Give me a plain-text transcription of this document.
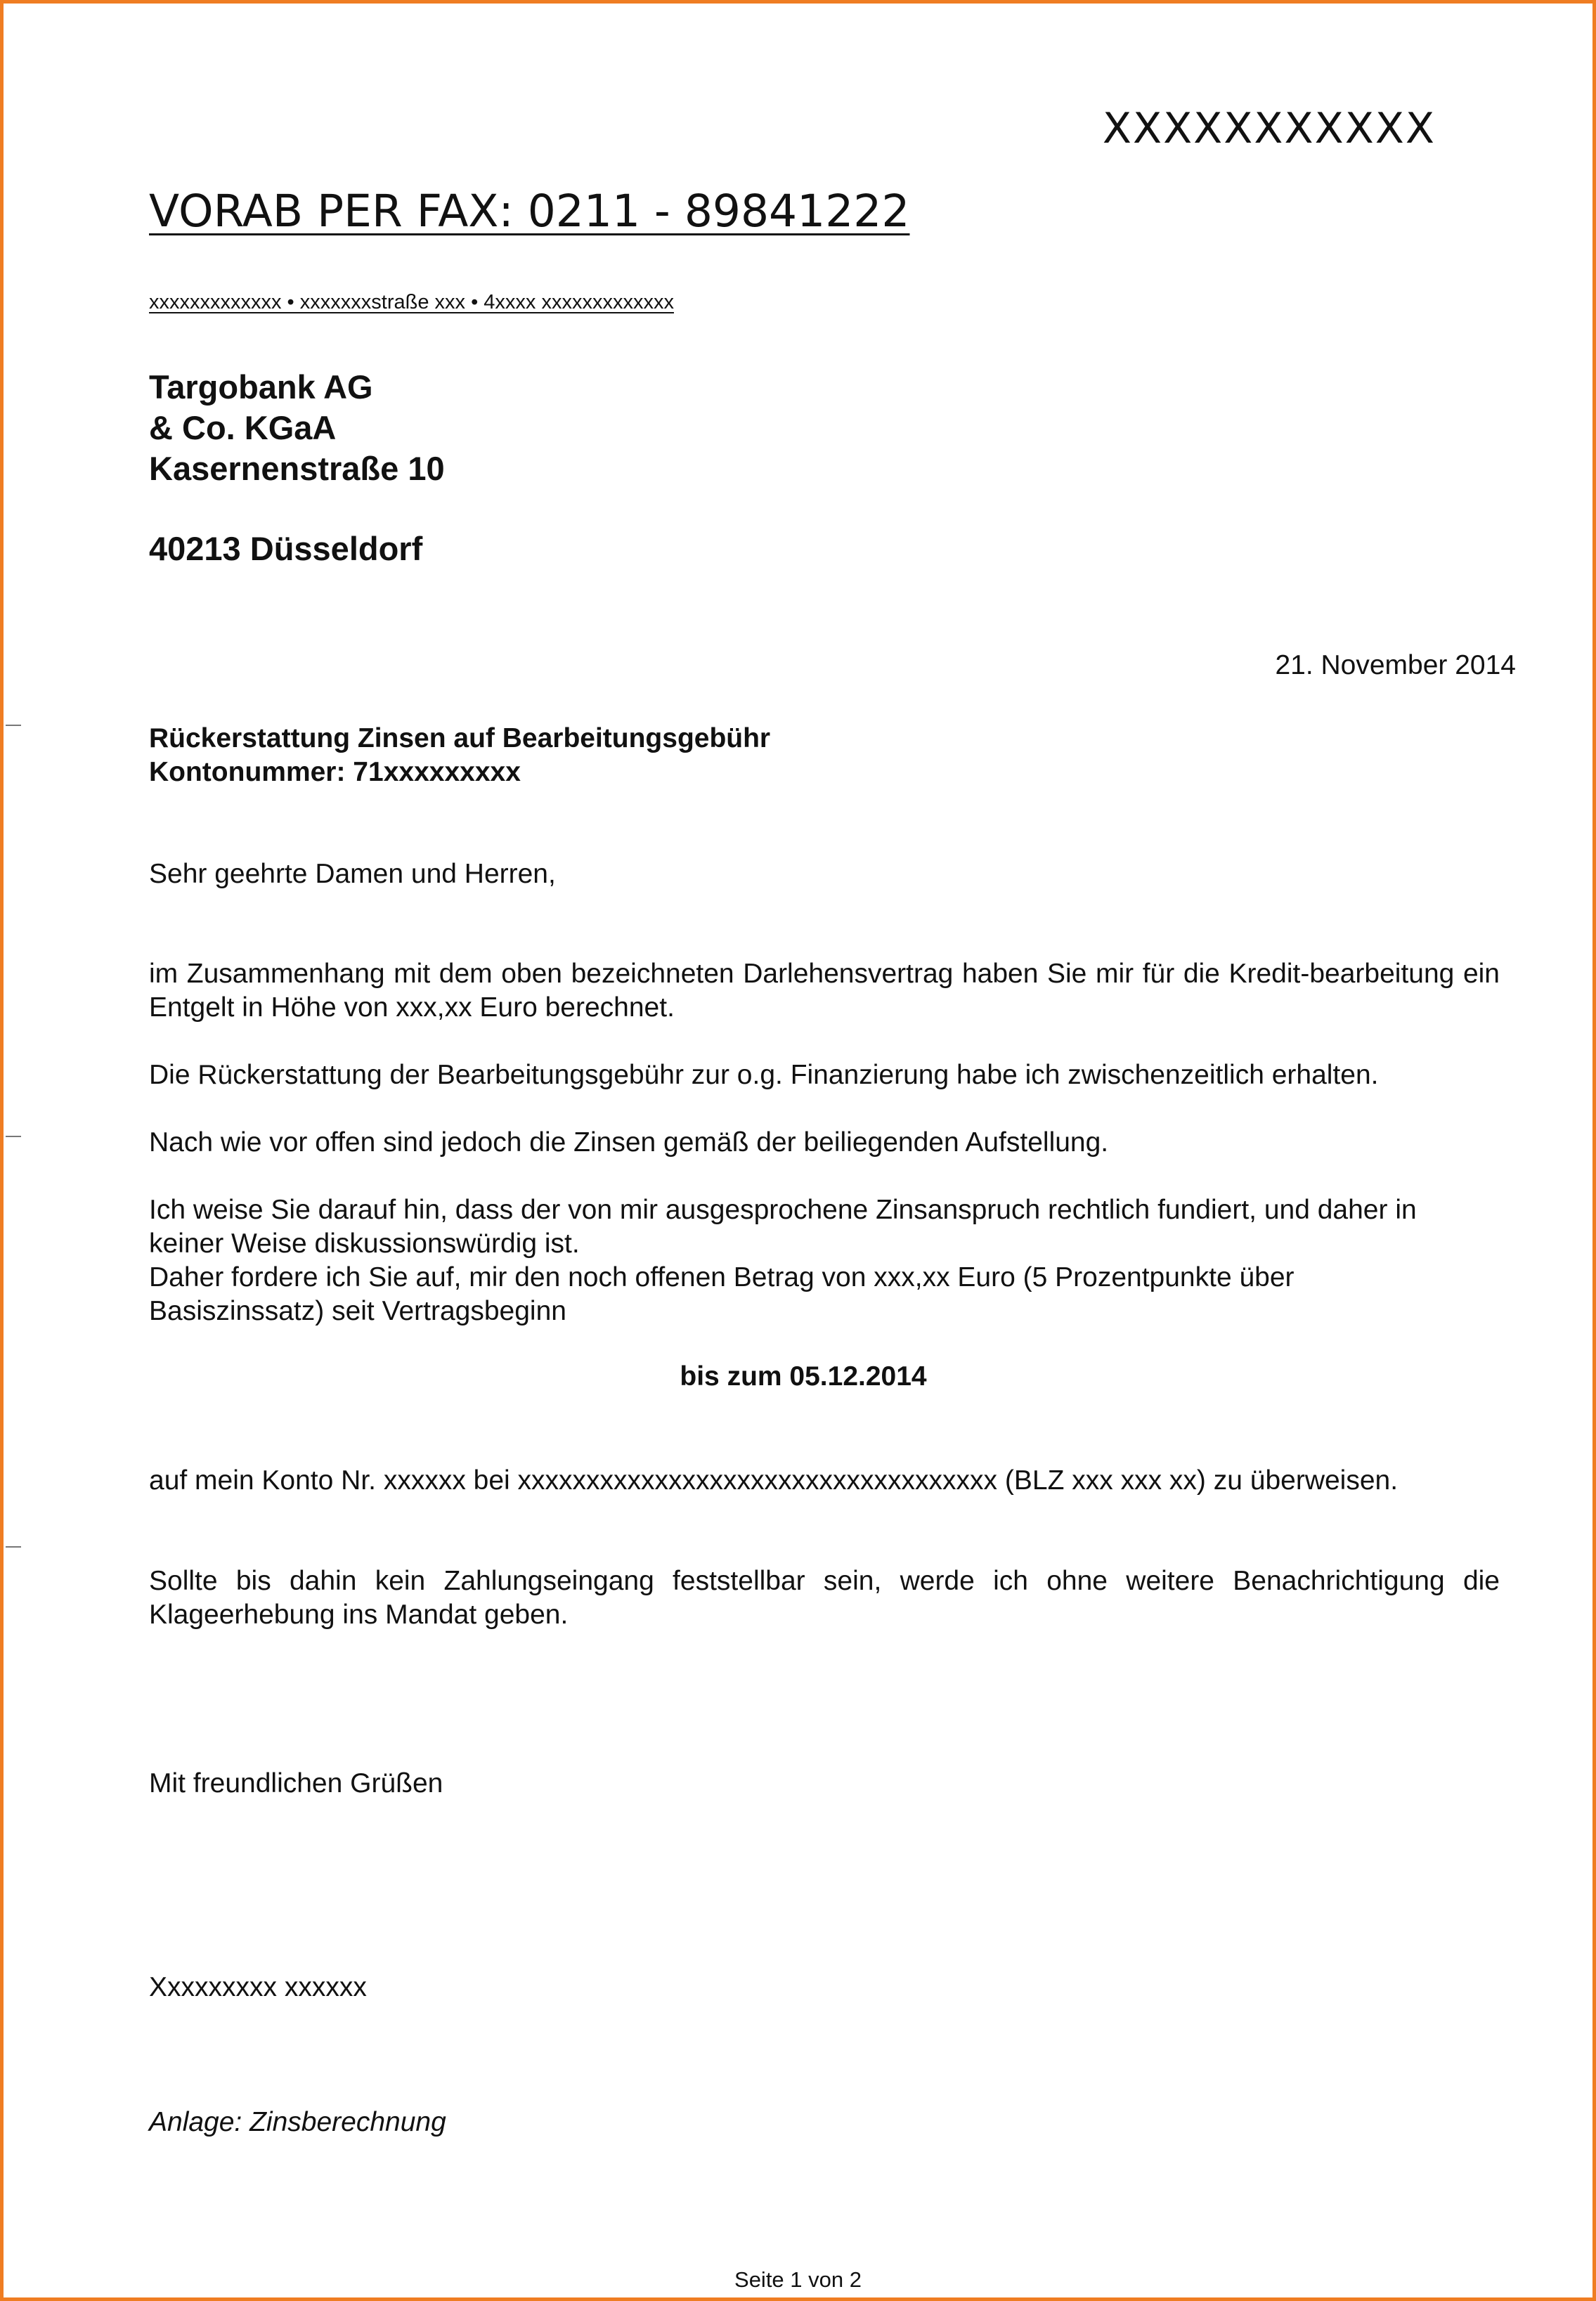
XXXXXXXXXXX
VORAB PER FAX: 0211 - 89841222
xxxxxxxxxxxxx • xxxxxxxstraße xxx • 4xxxx xxxxxxxxxxxxx
Targobank AG
& Co. KGaA
Kasernenstraße 10
40213 Düsseldorf
21. November 2014
Rückerstattung Zinsen auf Bearbeitungsgebühr
Kontonummer: 71xxxxxxxxx

Sehr geehrte Damen und Herren,

im Zusammenhang mit dem oben bezeichneten Darlehensvertrag haben Sie mir für die Kredit-bearbeitung ein Entgelt in Höhe von xxx,xx Euro berechnet.

Die Rückerstattung der Bearbeitungsgebühr zur o.g. Finanzierung habe ich zwischenzeitlich erhalten.

Nach wie vor offen sind jedoch die Zinsen gemäß der beiliegenden Aufstellung.

Ich weise Sie darauf hin, dass der von mir ausgesprochene Zinsanspruch rechtlich fundiert, und daher in keiner Weise diskussionswürdig ist.

Daher fordere ich Sie auf, mir den noch offenen Betrag von xxx,xx Euro (5 Prozentpunkte über Basiszinssatz) seit Vertragsbeginn

bis zum 05.12.2014

auf mein Konto Nr. xxxxxx bei xxxxxxxxxxxxxxxxxxxxxxxxxxxxxxxxxxx (BLZ xxx xxx xx) zu überweisen.

Sollte bis dahin kein Zahlungseingang feststellbar sein, werde ich ohne weitere Benachrichtigung die Klageerhebung ins Mandat geben.

Mit freundlichen Grüßen

Xxxxxxxxx xxxxxx

Anlage: Zinsberechnung

Seite 1 von 2
